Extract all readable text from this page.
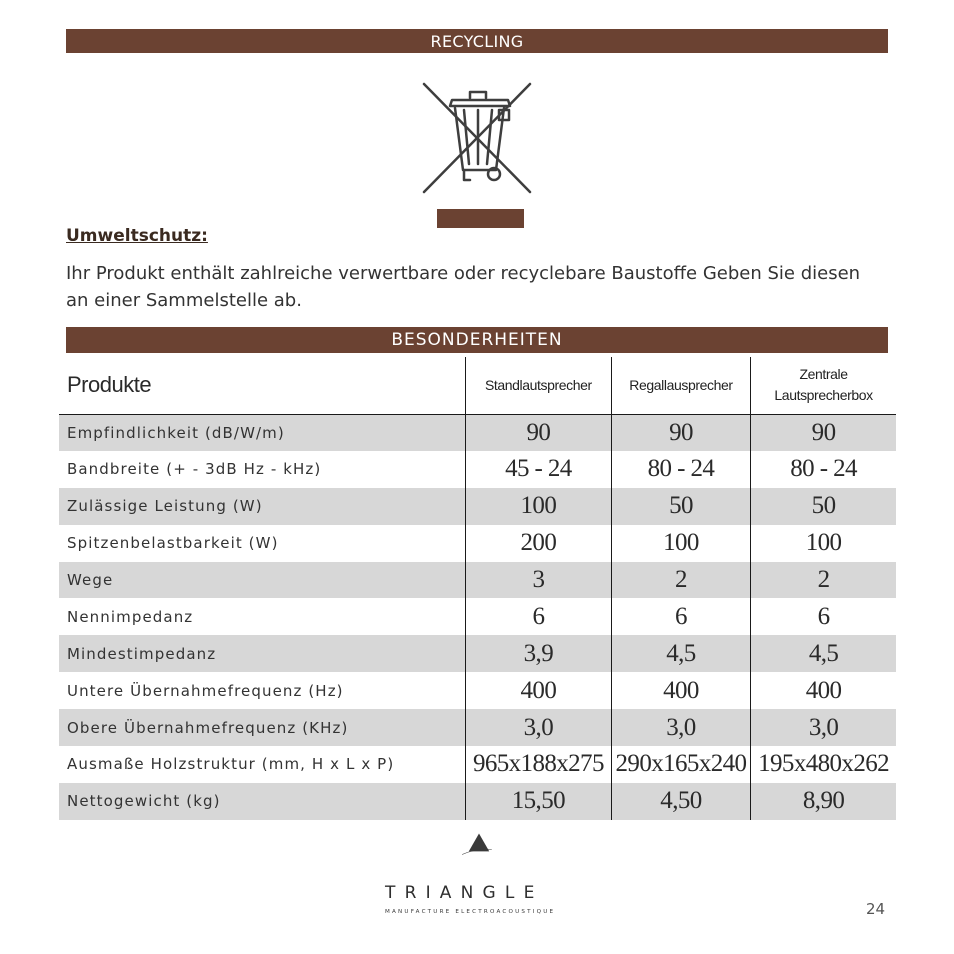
RECYCLING
Umweltschutz:
Ihr Produkt enthält zahlreiche verwertbare oder recyclebare Baustoffe Geben Sie diesen an einer Sammelstelle ab.
BESONDERHEITEN
Produkte	Standlautsprecher	Regallausprecher	Zentrale
Lautsprecherbox
Empfindlichkeit (dB/W/m)	90	90	90
Bandbreite (+ - 3dB Hz - kHz)	45 - 24	80 - 24	80 - 24
Zulässige Leistung (W)	100	50	50
Spitzenbelastbarkeit (W)	200	100	100
Wege	3	2	2
Nennimpedanz	6	6	6
Mindestimpedanz	3,9	4,5	4,5
Untere Übernahmefrequenz (Hz)	400	400	400
Obere Übernahmefrequenz (KHz)	3,0	3,0	3,0
Ausmaße Holzstruktur (mm, H x L x P)	965x188x275	290x165x240	195x480x262
Nettogewicht (kg)	15,50	4,50	8,90
TRIANGLE
MANUFACTURE ELECTROACOUSTIQUE	24
